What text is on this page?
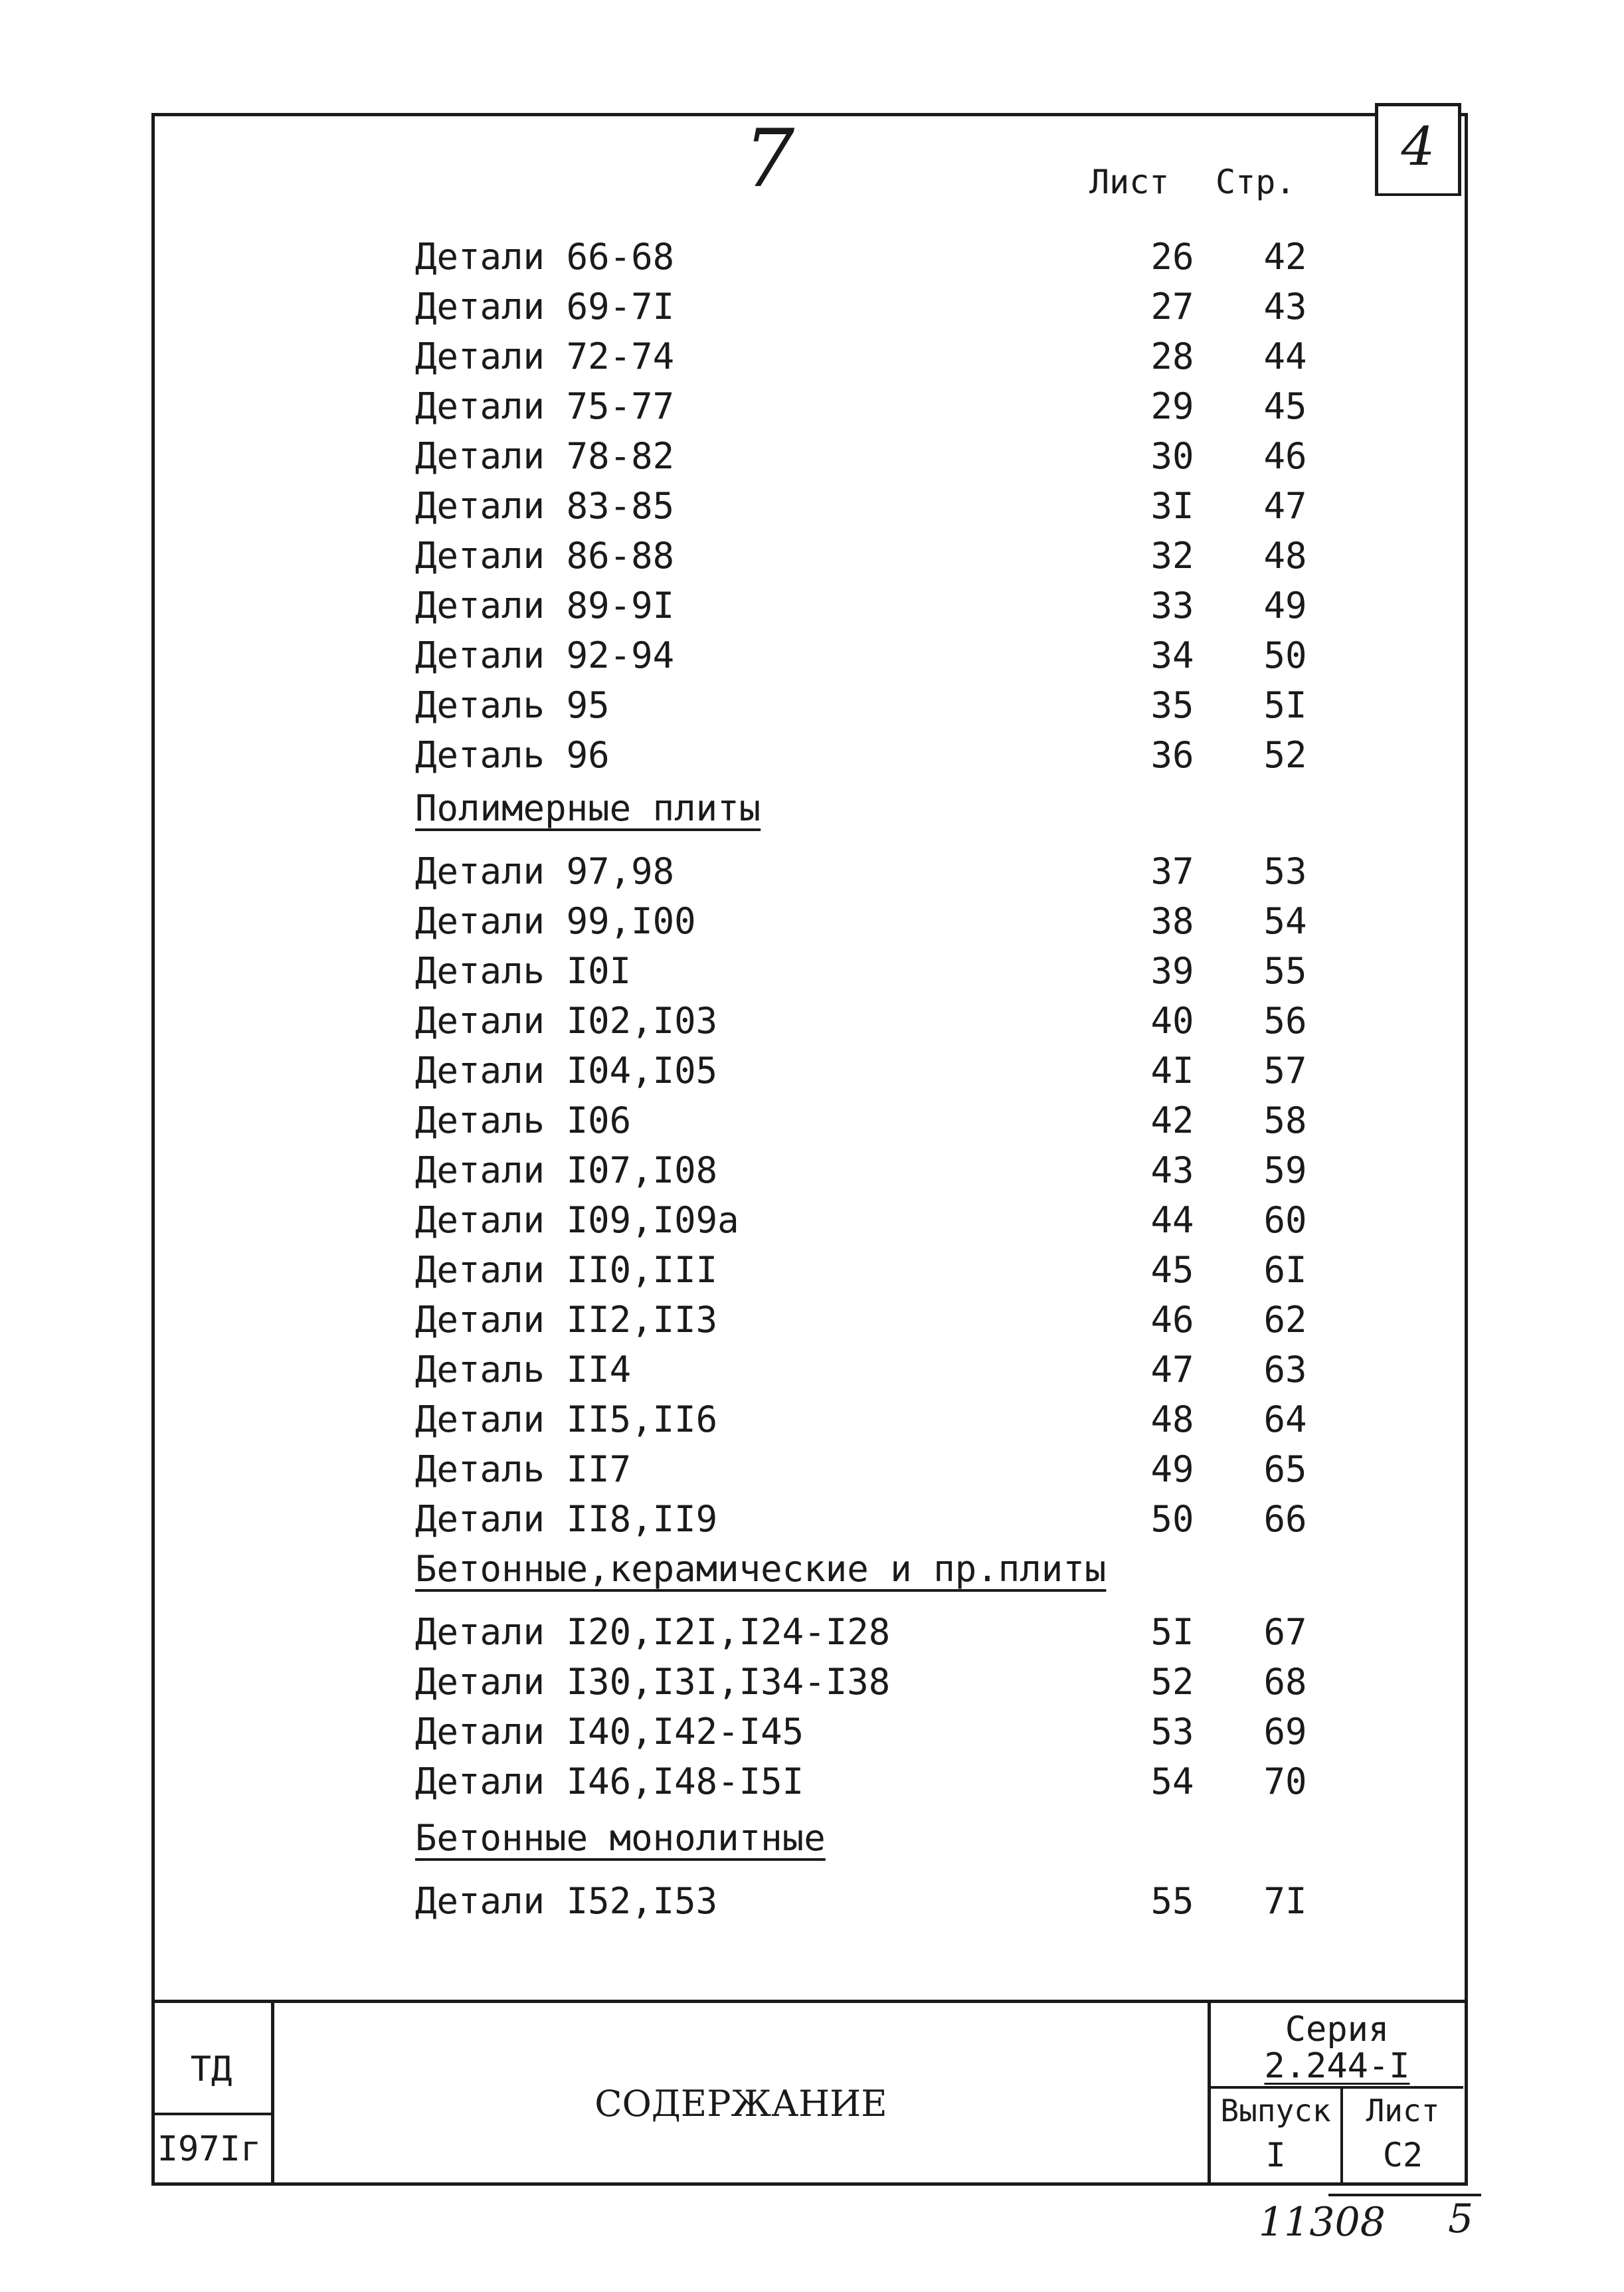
4
7	Лист Стр.
Детали 66-68	26	42
Детали 69-7I	27	43
Детали 72-74	28	44
Детали 75-77	29	45
Детали 78-82	30	46
Детали 83-85	3I	47
Детали 86-88	32	48
Детали 89-9I	33	49
Детали 92-94	34	50
Деталь 95	35	5I
Деталь 96	36	52
Полимерные плиты
Детали 97,98	37	53
Детали 99,I00	38	54
Деталь I0I	39	55
Детали I02,I03	40	56
Детали I04,I05	4I	57
Деталь I06	42	58
Детали I07,I08	43	59
Детали I09,I09а	44	60
Детали II0,III	45	6I
Детали II2,II3	46	62
Деталь II4	47	63
Детали II5,II6	48	64
Деталь II7	49	65
Детали II8,II9	50	66
Бетонные,керамические и пр.плиты
Детали I20,I2I,I24-I28	5I	67
Детали I30,I3I,I34-I38	52	68
Детали I40,I42-I45	53	69
Детали I46,I48-I5I	54	70
Бетонные монолитные
Детали I52,I53	55	7I
ТД
I97Iг
СОДЕРЖАНИЕ
Серия
2.244-I
Выпуск
I
Лист
С2
11308 5
